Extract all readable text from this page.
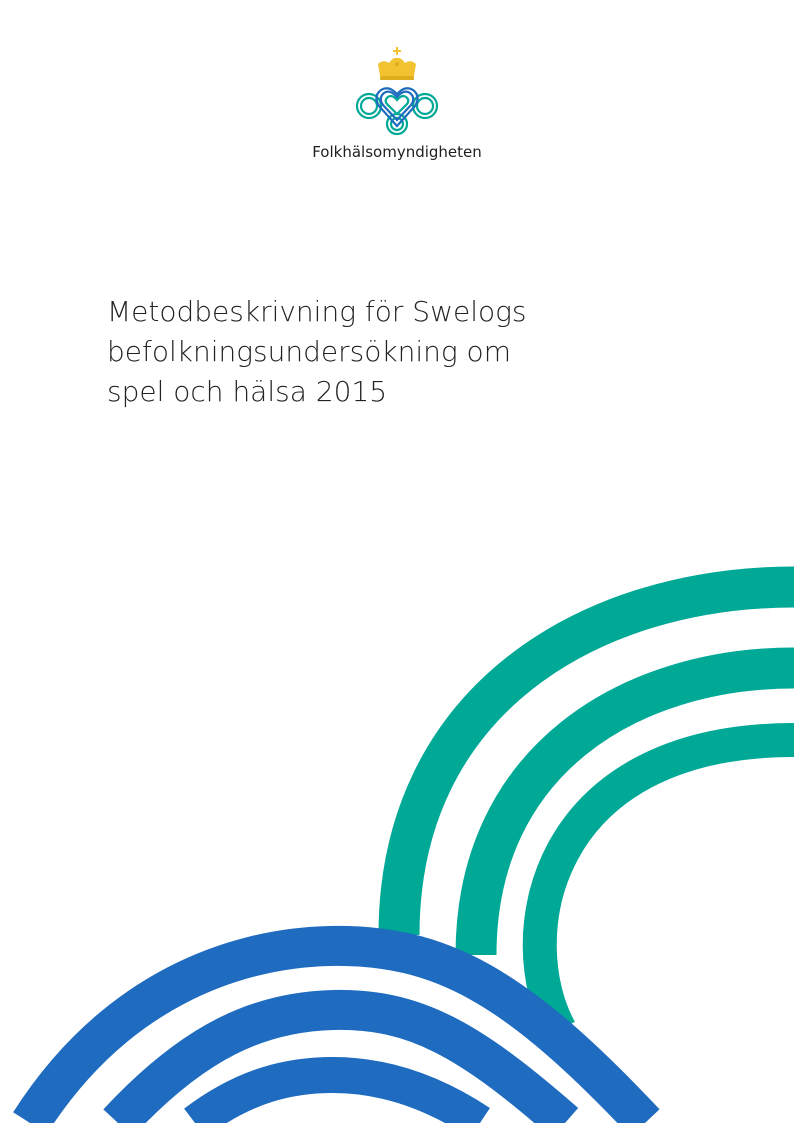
Folkhälsomyndigheten
Metodbeskrivning för Swelogs
befolkningsundersökning om
spel och hälsa 2015
